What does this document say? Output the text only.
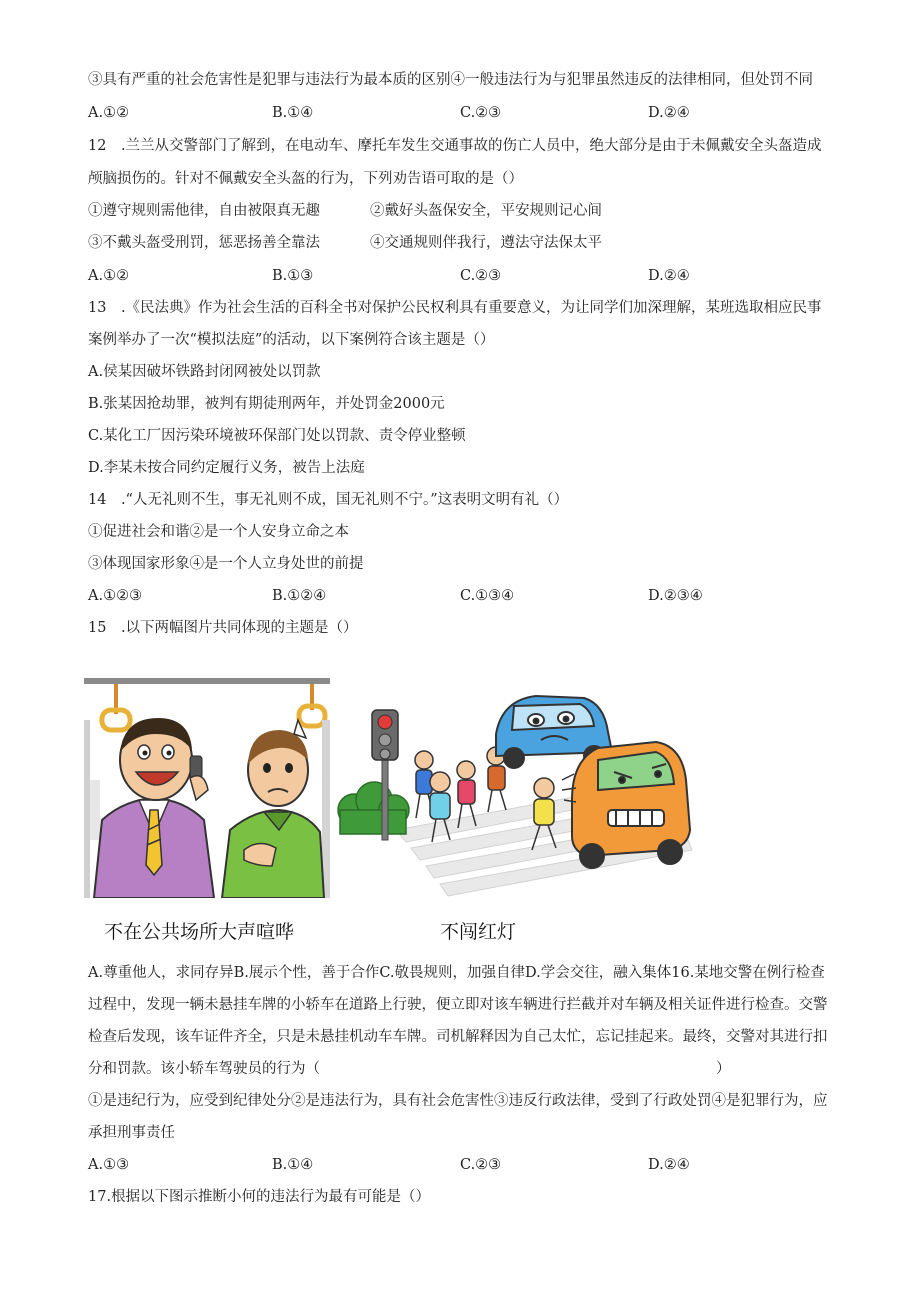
③具有严重的社会危害性是犯罪与违法行为最本质的区别④一般违法行为与犯罪虽然违反的法律相同，但处罚不同
A.①②	B.①④	C.②③	D.②④
12　.兰兰从交警部门了解到，在电动车、摩托车发生交通事故的伤亡人员中，绝大部分是由于未佩戴安全头盔造成
颅脑损伤的。针对不佩戴安全头盔的行为，下列劝告语可取的是（）
①遵守规则需他律，自由被限真无趣	②戴好头盔保安全，平安规则记心间
③不戴头盔受刑罚，惩恶扬善全靠法	④交通规则伴我行，遵法守法保太平
A.①②	B.①③	C.②③	D.②④
13　.《民法典》作为社会生活的百科全书对保护公民权利具有重要意义，为让同学们加深理解，某班选取相应民事
案例举办了一次“模拟法庭”的活动，以下案例符合该主题是（）
A.侯某因破坏铁路封闭网被处以罚款
B.张某因抢劫罪，被判有期徒刑两年，并处罚金2000元
C.某化工厂因污染环境被环保部门处以罚款、责令停业整顿
D.李某未按合同约定履行义务，被告上法庭
14　.“人无礼则不生，事无礼则不成，国无礼则不宁。”这表明文明有礼（）
①促进社会和谐②是一个人安身立命之本
③体现国家形象④是一个人立身处世的前提
A.①②③	B.①②④	C.①③④	D.②③④
15　.以下两幅图片共同体现的主题是（）
不在公共场所大声喧哗	不闯红灯
A.尊重他人，求同存异B.展示个性，善于合作C.敬畏规则，加强自律D.学会交往，融入集体16.某地交警在例行检查
过程中，发现一辆未悬挂车牌的小轿车在道路上行驶，便立即对该车辆进行拦截并对车辆及相关证件进行检查。交警
检查后发现，该车证件齐全，只是未悬挂机动车车牌。司机解释因为自己太忙，忘记挂起来。最终，交警对其进行扣
分和罚款。该小轿车驾驶员的行为（	）
①是违纪行为，应受到纪律处分②是违法行为，具有社会危害性③违反行政法律，受到了行政处罚④是犯罪行为，应
承担刑事责任
A.①③	B.①④	C.②③	D.②④
17.根据以下图示推断小何的违法行为最有可能是（）
